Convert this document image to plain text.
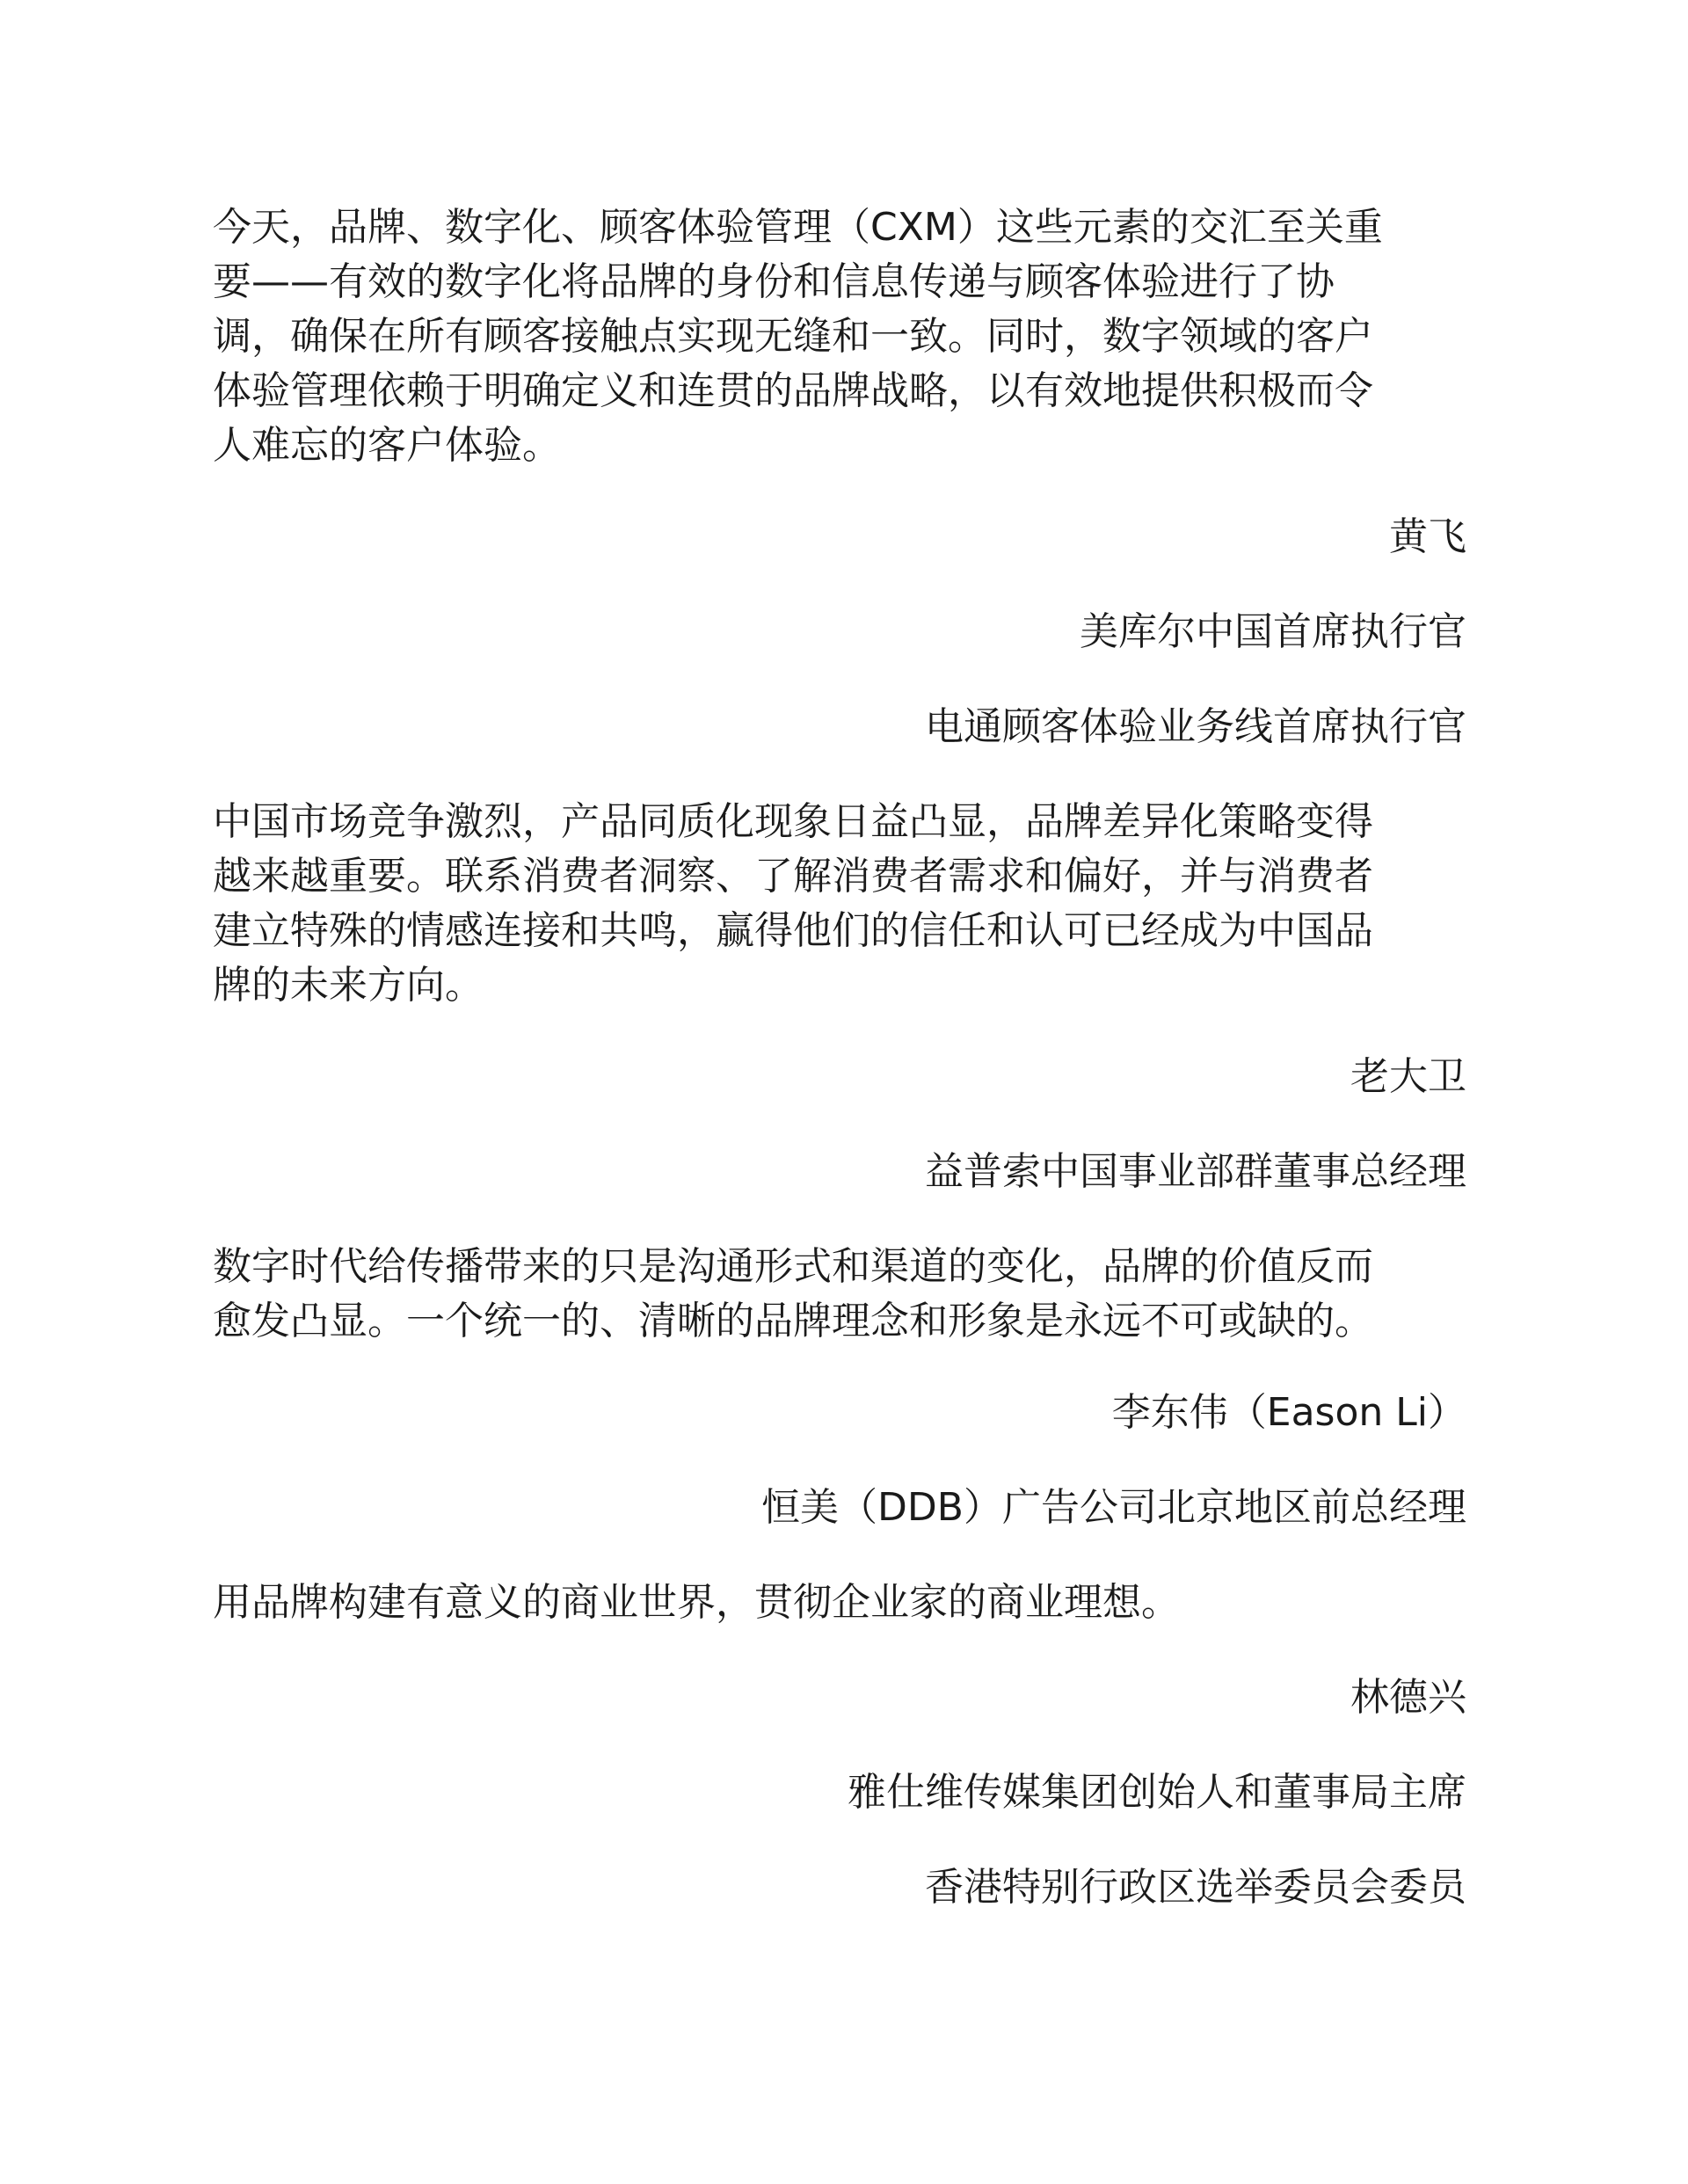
今天，品牌、数字化、顾客体验管理（CXM）这些元素的交汇至关重
要——有效的数字化将品牌的身份和信息传递与顾客体验进行了协
调，确保在所有顾客接触点实现无缝和一致。同时，数字领域的客户
体验管理依赖于明确定义和连贯的品牌战略，以有效地提供积极而令
人难忘的客户体验。

黄飞

美库尔中国首席执行官

电通顾客体验业务线首席执行官

中国市场竞争激烈，产品同质化现象日益凸显，品牌差异化策略变得
越来越重要。联系消费者洞察、了解消费者需求和偏好，并与消费者
建立特殊的情感连接和共鸣，赢得他们的信任和认可已经成为中国品
牌的未来方向。

老大卫

益普索中国事业部群董事总经理

数字时代给传播带来的只是沟通形式和渠道的变化，品牌的价值反而
愈发凸显。一个统一的、清晰的品牌理念和形象是永远不可或缺的。

李东伟（Eason Li）

恒美（DDB）广告公司北京地区前总经理

用品牌构建有意义的商业世界，贯彻企业家的商业理想。

林德兴

雅仕维传媒集团创始人和董事局主席

香港特别行政区选举委员会委员
